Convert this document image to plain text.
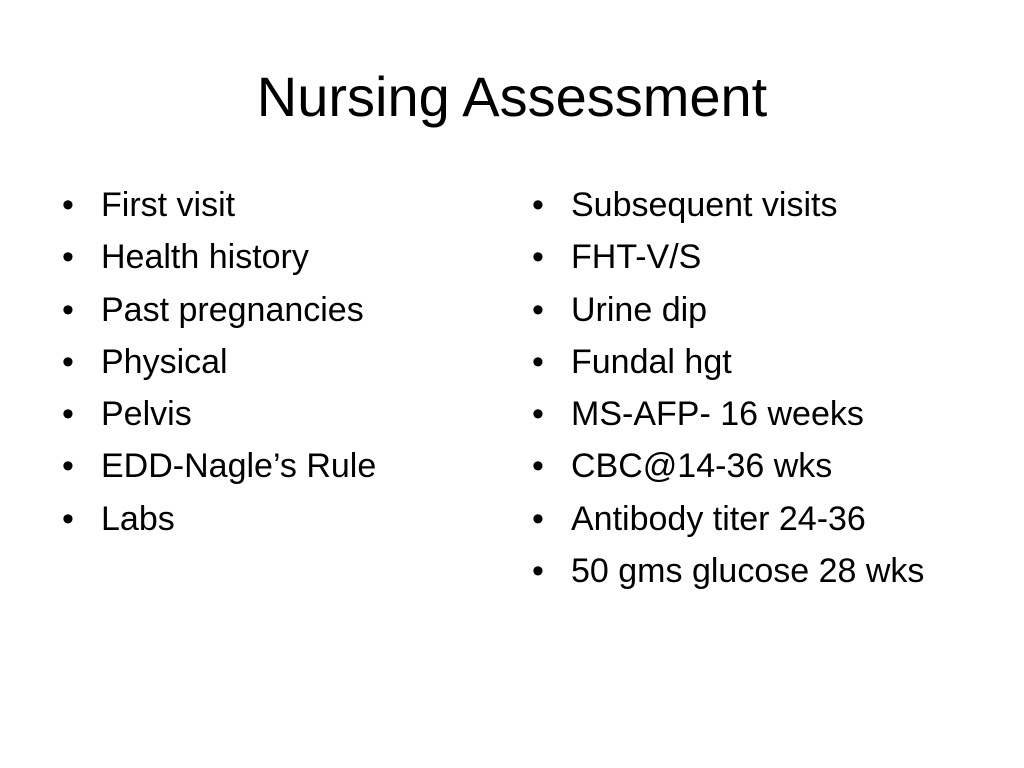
Nursing Assessment
• First visit
• Health history
• Past pregnancies
• Physical
• Pelvis
• EDD-Nagle’s Rule
• Labs
• Subsequent visits
• FHT-V/S
• Urine dip
• Fundal hgt
• MS-AFP- 16 weeks
• CBC@14-36 wks
• Antibody titer 24-36
• 50 gms glucose 28 wks
